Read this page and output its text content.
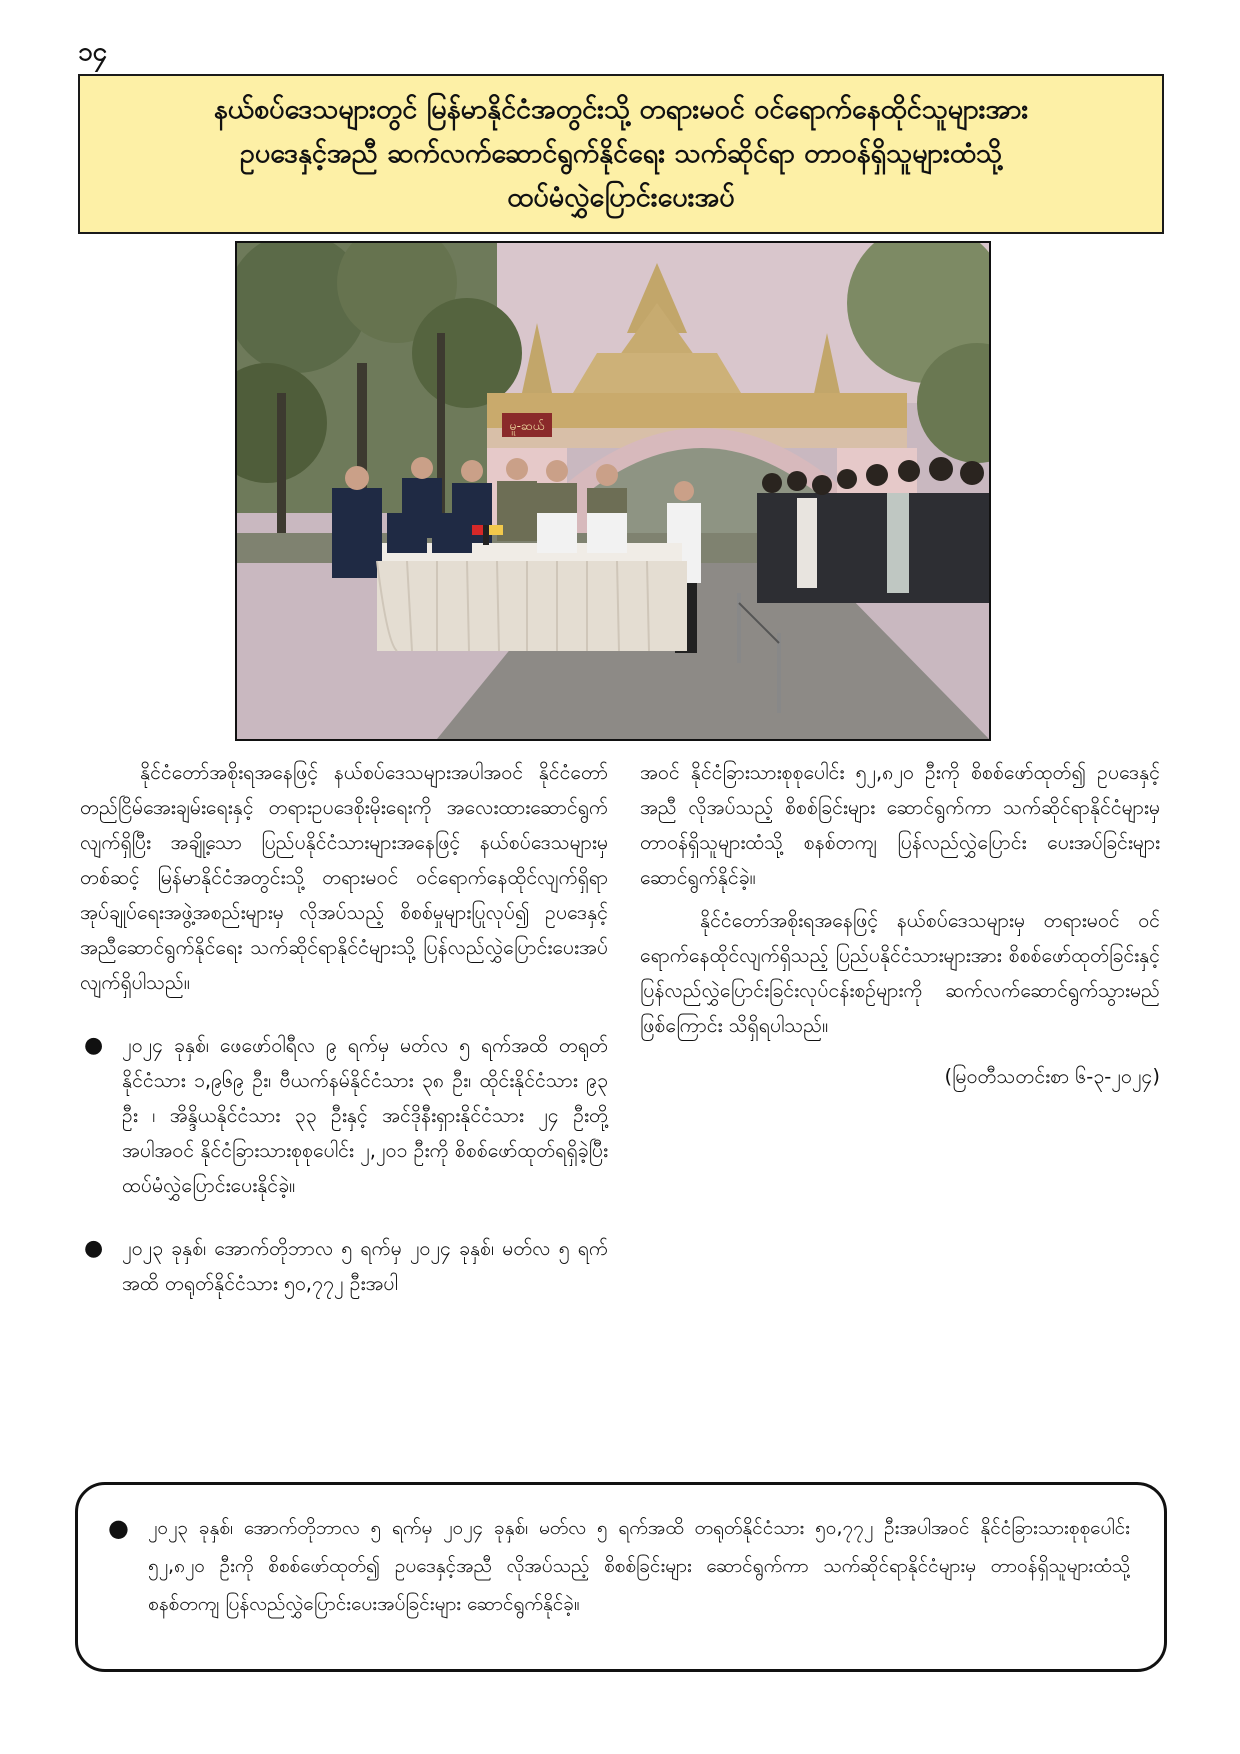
၁၄
နယ်စပ်ဒေသများတွင် မြန်မာနိုင်ငံအတွင်းသို့ တရားမဝင် ဝင်ရောက်နေထိုင်သူများအား
ဥပဒေနှင့်အညီ ဆက်လက်ဆောင်ရွက်နိုင်ရေး သက်ဆိုင်ရာ တာဝန်ရှိသူများထံသို့
ထပ်မံလွှဲပြောင်းပေးအပ်
မူ-ဆယ်

နိုင်ငံတော်အစိုးရအနေဖြင့် နယ်စပ်ဒေသများအပါအဝင် နိုင်ငံတော်တည်ငြိမ်အေးချမ်းရေးနှင့် တရားဥပဒေစိုးမိုးရေးကို အလေးထားဆောင်ရွက်လျက်ရှိပြီး အချို့သော ပြည်ပနိုင်ငံသားများအနေဖြင့် နယ်စပ်ဒေသများမှတစ်ဆင့် မြန်မာနိုင်ငံအတွင်းသို့ တရားမဝင် ဝင်ရောက်နေထိုင်လျက်ရှိရာ အုပ်ချုပ်ရေးအဖွဲ့အစည်းများမှ လိုအပ်သည့် စိစစ်မှုများပြုလုပ်၍ ဥပဒေနှင့်အညီဆောင်ရွက်နိုင်ရေး သက်ဆိုင်ရာနိုင်ငံများသို့ ပြန်လည်လွှဲပြောင်းပေးအပ်လျက်ရှိပါသည်။

● ၂၀၂၄ ခုနှစ်၊ ဖေဖော်ဝါရီလ ၉ ရက်မှ မတ်လ ၅ ရက်အထိ တရုတ်နိုင်ငံသား ၁,၉၆၉ ဦး၊ ဗီယက်နမ်နိုင်ငံသား ၃၈ ဦး၊ ထိုင်းနိုင်ငံသား ၉၃ ဦး ၊ အိန္ဒိယနိုင်ငံသား ၃၃ ဦးနှင့် အင်ဒိုနီးရှားနိုင်ငံသား ၂၄ ဦးတို့ အပါအဝင် နိုင်ငံခြားသားစုစုပေါင်း ၂,၂၀၁ ဦးကို စိစစ်ဖော်ထုတ်ရရှိခဲ့ပြီး ထပ်မံလွှဲပြောင်းပေးနိုင်ခဲ့။
● ၂၀၂၃ ခုနှစ်၊ အောက်တိုဘာလ ၅ ရက်မှ ၂၀၂၄ ခုနှစ်၊ မတ်လ ၅ ရက်အထိ တရုတ်နိုင်ငံသား ၅၀,၇၇၂ ဦးအပါ

အဝင် နိုင်ငံခြားသားစုစုပေါင်း ၅၂,၈၂၀ ဦးကို စိစစ်ဖော်ထုတ်၍ ဥပဒေနှင့်အညီ လိုအပ်သည့် စိစစ်ခြင်းများ ဆောင်ရွက်ကာ သက်ဆိုင်ရာနိုင်ငံများမှ တာဝန်ရှိသူများထံသို့ စနစ်တကျ ပြန်လည်လွှဲပြောင်း ပေးအပ်ခြင်းများ ဆောင်ရွက်နိုင်ခဲ့။

နိုင်ငံတော်အစိုးရအနေဖြင့် နယ်စပ်ဒေသများမှ တရားမဝင် ဝင်ရောက်နေထိုင်လျက်ရှိသည့် ပြည်ပနိုင်ငံသားများအား စိစစ်ဖော်ထုတ်ခြင်းနှင့် ပြန်လည်လွှဲပြောင်းခြင်းလုပ်ငန်းစဉ်များကို ဆက်လက်ဆောင်ရွက်သွားမည်ဖြစ်ကြောင်း သိရှိရပါသည်။

(မြဝတီသတင်းစာ ၆-၃-၂၀၂၄)
● ၂၀၂၃ ခုနှစ်၊ အောက်တိုဘာလ ၅ ရက်မှ ၂၀၂၄ ခုနှစ်၊ မတ်လ ၅ ရက်အထိ တရုတ်နိုင်ငံသား ၅၀,၇၇၂ ဦးအပါအဝင် နိုင်ငံခြားသားစုစုပေါင်း ၅၂,၈၂၀ ဦးကို စိစစ်ဖော်ထုတ်၍ ဥပဒေနှင့်အညီ လိုအပ်သည့် စိစစ်ခြင်းများ ဆောင်ရွက်ကာ သက်ဆိုင်ရာနိုင်ငံများမှ တာဝန်ရှိသူများထံသို့ စနစ်တကျ ပြန်လည်လွှဲပြောင်းပေးအပ်ခြင်းများ ဆောင်ရွက်နိုင်ခဲ့။
